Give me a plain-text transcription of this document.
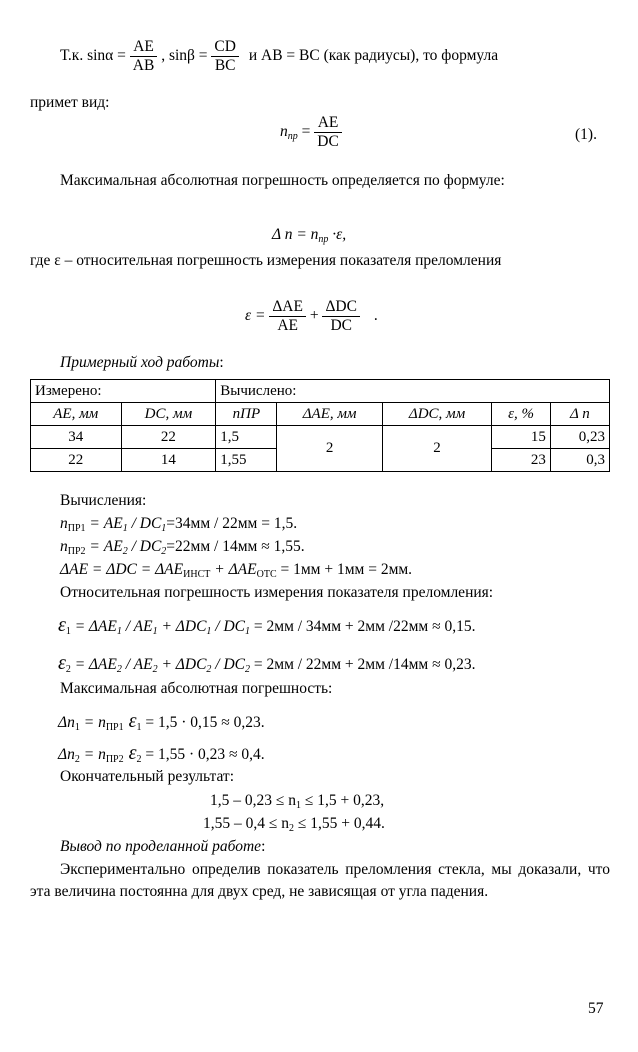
Т.к. $\sin\alpha = \frac{AE}{AB}$ , $\sin\beta = \frac{CD}{BC}$ и AB = BC (как радиусы), то формула
примет вид:
$n_{пр} = \frac{AE}{DC}$	(1).
Максимальная абсолютная погрешность определяется по формуле:
Δ $n = n_{пр} \cdot\varepsilon$,
где ε – относительная погрешность измерения показателя преломления
$\varepsilon = \frac{\text{ΔAE}}{AE} + \frac{\text{ΔDC}}{DC}$ .
Примерный ход работы:
Измерено:		Вычислено:				
AE, мм	DC, мм	nПР	ΔAE, мм	ΔDC, мм	ε, %	Δ n
34	22	1,5	2	2	15	0,23
22	14	1,55			23	0,3
Вычисления:
$n_{ПР1} = AE_1 / DC_1=34мм / 22мм = 1,5$.
$n_{ПР2} = AE_2 / DC_2=22мм / 14мм \approx 1,55$.
$\Delta AE = \Delta DC = \Delta AE_{ИНСТ} + \Delta AE_{ОТС} = 1мм + 1мм = 2мм$.
Относительная погрешность измерения показателя преломления:
$\varepsilon_1 = \Delta AE_1 / AE_1 + \Delta DC_1 / DC_1 = 2мм / 34мм + 2мм$ /22мм ≈ 0,15.
$\varepsilon_2 = \Delta AE_2 / AE_2 + \Delta DC_2 / DC_2 = 2мм / 22мм + 2мм$ /14мм ≈ 0,23.
Максимальная абсолютная погрешность:
$\Delta n_1 = n_{ПР1}$ $\varepsilon_1 = 1,5 \cdot 0,15 \approx 0,23$.
$\Delta n_2 = n_{ПР2}$ $\varepsilon_2 = 1,55 \cdot 0,23 \approx 0,4$.
Окончательный результат:
$1,5 - 0,23 \le n_1 \le 1,5 + 0,23$,
$1,55 - 0,4 \le n_2 \le 1,55 + 0,44$.
Вывод по проделанной работе:
Экспериментально определив показатель преломления стекла, мы доказали, что эта величина постоянна для двух сред, не зависящая от угла падения.
57
